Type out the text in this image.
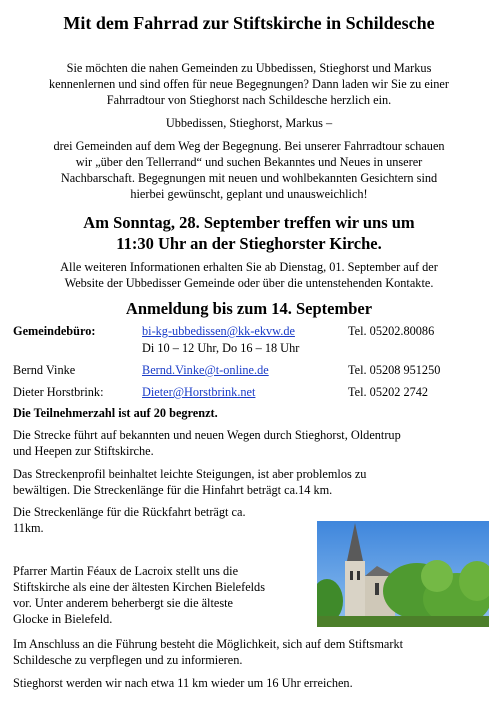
Mit dem Fahrrad zur Stiftskirche in Schildesche
Sie möchten die nahen Gemeinden zu Ubbedissen, Stieghorst und Markus
kennenlernen und sind offen für neue Begegnungen? Dann laden wir Sie zu einer
Fahrradtour von Stieghorst nach Schildesche herzlich ein.
Ubbedissen, Stieghorst, Markus –
drei Gemeinden auf dem Weg der Begegnung. Bei unserer Fahrradtour schauen
wir „über den Tellerrand“ und suchen Bekanntes und Neues in unserer
Nachbarschaft. Begegnungen mit neuen und wohlbekannten Gesichtern sind
hierbei gewünscht, geplant und unausweichlich!
Am Sonntag, 28. September treffen wir uns um
11:30 Uhr an der Stieghorster Kirche.
Alle weiteren Informationen erhalten Sie ab Dienstag, 01. September auf der
Website der Ubbedisser Gemeinde oder über die untenstehenden Kontakte.
Anmeldung bis zum 14. September
Gemeindebüro:	bi-kg-ubbedissen@kk-ekvw.de	Tel. 05202.80086
Di 10 – 12 Uhr, Do 16 – 18 Uhr
Bernd Vinke	Bernd.Vinke@t-online.de	Tel. 05208 951250
Dieter Horstbrink:	Dieter@Horstbrink.net	Tel. 05202 2742
Die Teilnehmerzahl ist auf 20 begrenzt.
Die Strecke führt auf bekannten und neuen Wegen durch Stieghorst, Oldentrup
und Heepen zur Stiftskirche.
Das Streckenprofil beinhaltet leichte Steigungen, ist aber problemlos zu
bewältigen. Die Streckenlänge für die Hinfahrt beträgt ca.14 km.
Die Streckenlänge für die Rückfahrt beträgt ca.
11km.
Pfarrer Martin Féaux de Lacroix stellt uns die
Stiftskirche als eine der ältesten Kirchen Bielefelds
vor. Unter anderem beherbergt sie die älteste
Glocke in Bielefeld.
Im Anschluss an die Führung besteht die Möglichkeit, sich auf dem Stiftsmarkt
Schildesche zu verpflegen und zu informieren.
Stieghorst werden wir nach etwa 11 km wieder um 16 Uhr erreichen.
